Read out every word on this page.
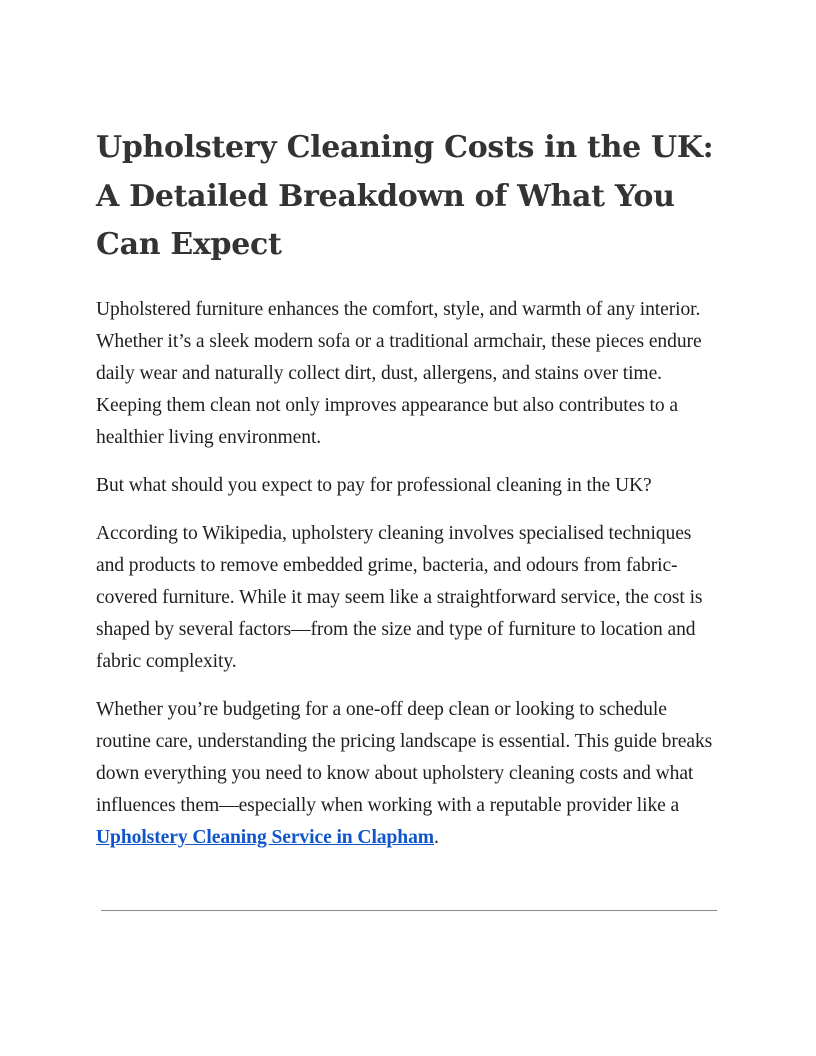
Upholstery Cleaning Costs in the UK: A Detailed Breakdown of What You Can Expect

Upholstered furniture enhances the comfort, style, and warmth of any interior. Whether it’s a sleek modern sofa or a traditional armchair, these pieces endure daily wear and naturally collect dirt, dust, allergens, and stains over time. Keeping them clean not only improves appearance but also contributes to a healthier living environment.

But what should you expect to pay for professional cleaning in the UK?

According to Wikipedia, upholstery cleaning involves specialised techniques and products to remove embedded grime, bacteria, and odours from fabric-covered furniture. While it may seem like a straightforward service, the cost is shaped by several factors—from the size and type of furniture to location and fabric complexity.

Whether you’re budgeting for a one-off deep clean or looking to schedule routine care, understanding the pricing landscape is essential. This guide breaks down everything you need to know about upholstery cleaning costs and what influences them—especially when working with a reputable provider like a Upholstery Cleaning Service in Clapham.
